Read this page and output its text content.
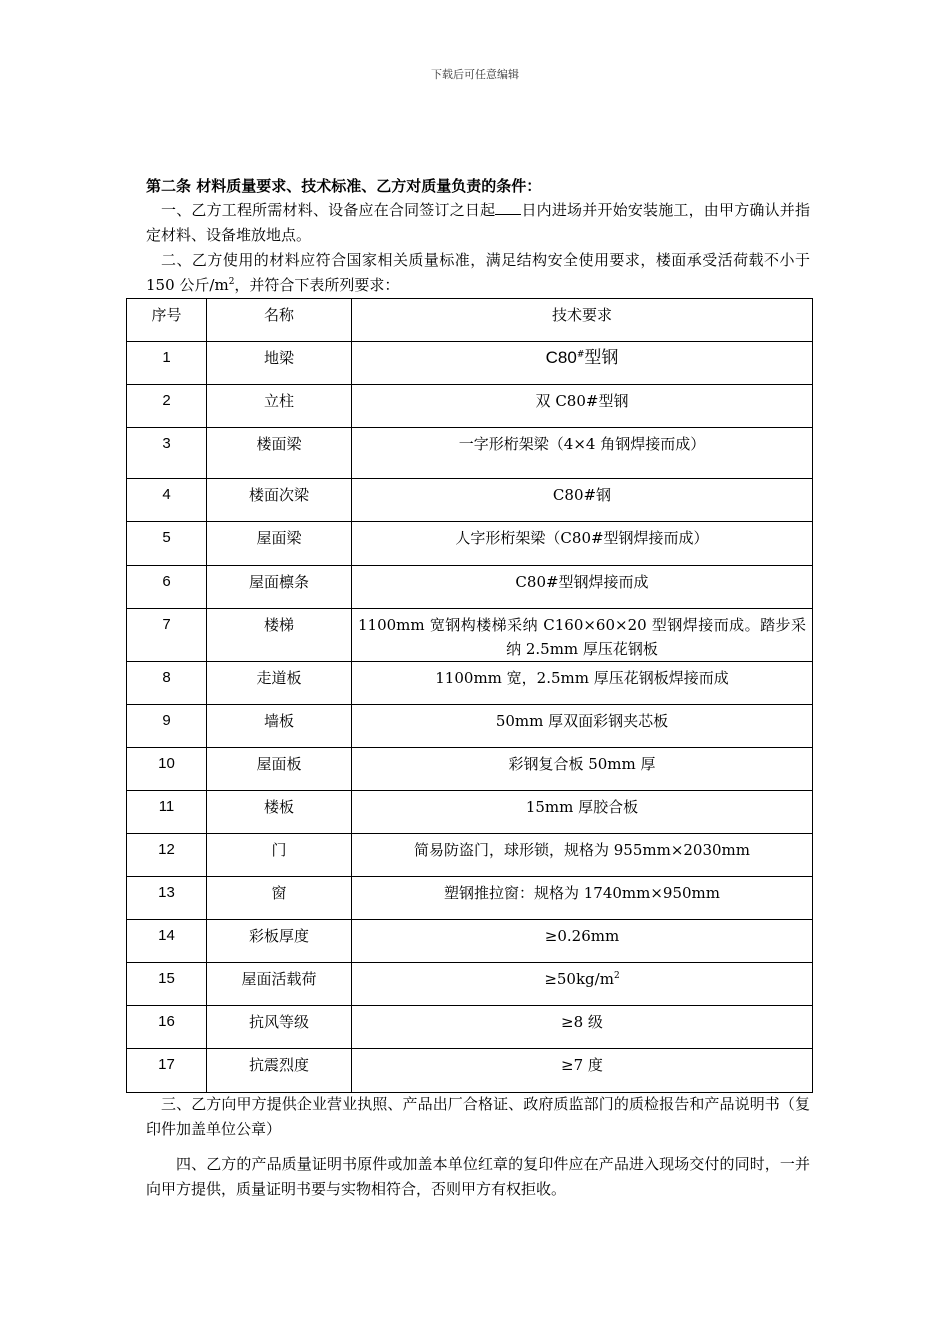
下载后可任意编辑

第二条 材料质量要求、技术标准、乙方对质量负责的条件：

一、乙方工程所需材料、设备应在合同签订之日起 日内进场并开始安装施工，由甲方确认并指定材料、设备堆放地点。

二、乙方使用的材料应符合国家相关质量标准，满足结构安全使用要求，楼面承受活荷载不小于 150 公斤$/m^2$，并符合下表所列要求：

序号	名称	技术要求
1	地梁	C80#型钢
2	立柱	双 C80#型钢
3	楼面梁	一字形桁架梁（4×4 角钢焊接而成）
4	楼面次梁	C80#钢
5	屋面梁	人字形桁架梁（C80#型钢焊接而成）
6	屋面檩条	C80#型钢焊接而成
7	楼梯	1100mm 宽钢构楼梯采纳 C160×60×20 型钢焊接而成。踏步采纳 2.5mm 厚压花钢板
8	走道板	1100mm 宽，2.5mm 厚压花钢板焊接而成
9	墙板	50mm 厚双面彩钢夹芯板
10	屋面板	彩钢复合板 50mm 厚
11	楼板	15mm 厚胶合板
12	门	简易防盗门，球形锁，规格为 955mm×2030mm
13	窗	塑钢推拉窗：规格为 1740mm×950mm
14	彩板厚度	≥0.26mm
15	屋面活载荷	$\ge 50kg/m^2$
16	抗风等级	≥8 级
17	抗震烈度	≥7 度

三、乙方向甲方提供企业营业执照、产品出厂合格证、政府质监部门的质检报告和产品说明书（复印件加盖单位公章）

四、乙方的产品质量证明书原件或加盖本单位红章的复印件应在产品进入现场交付的同时，一并向甲方提供，质量证明书要与实物相符合，否则甲方有权拒收。
